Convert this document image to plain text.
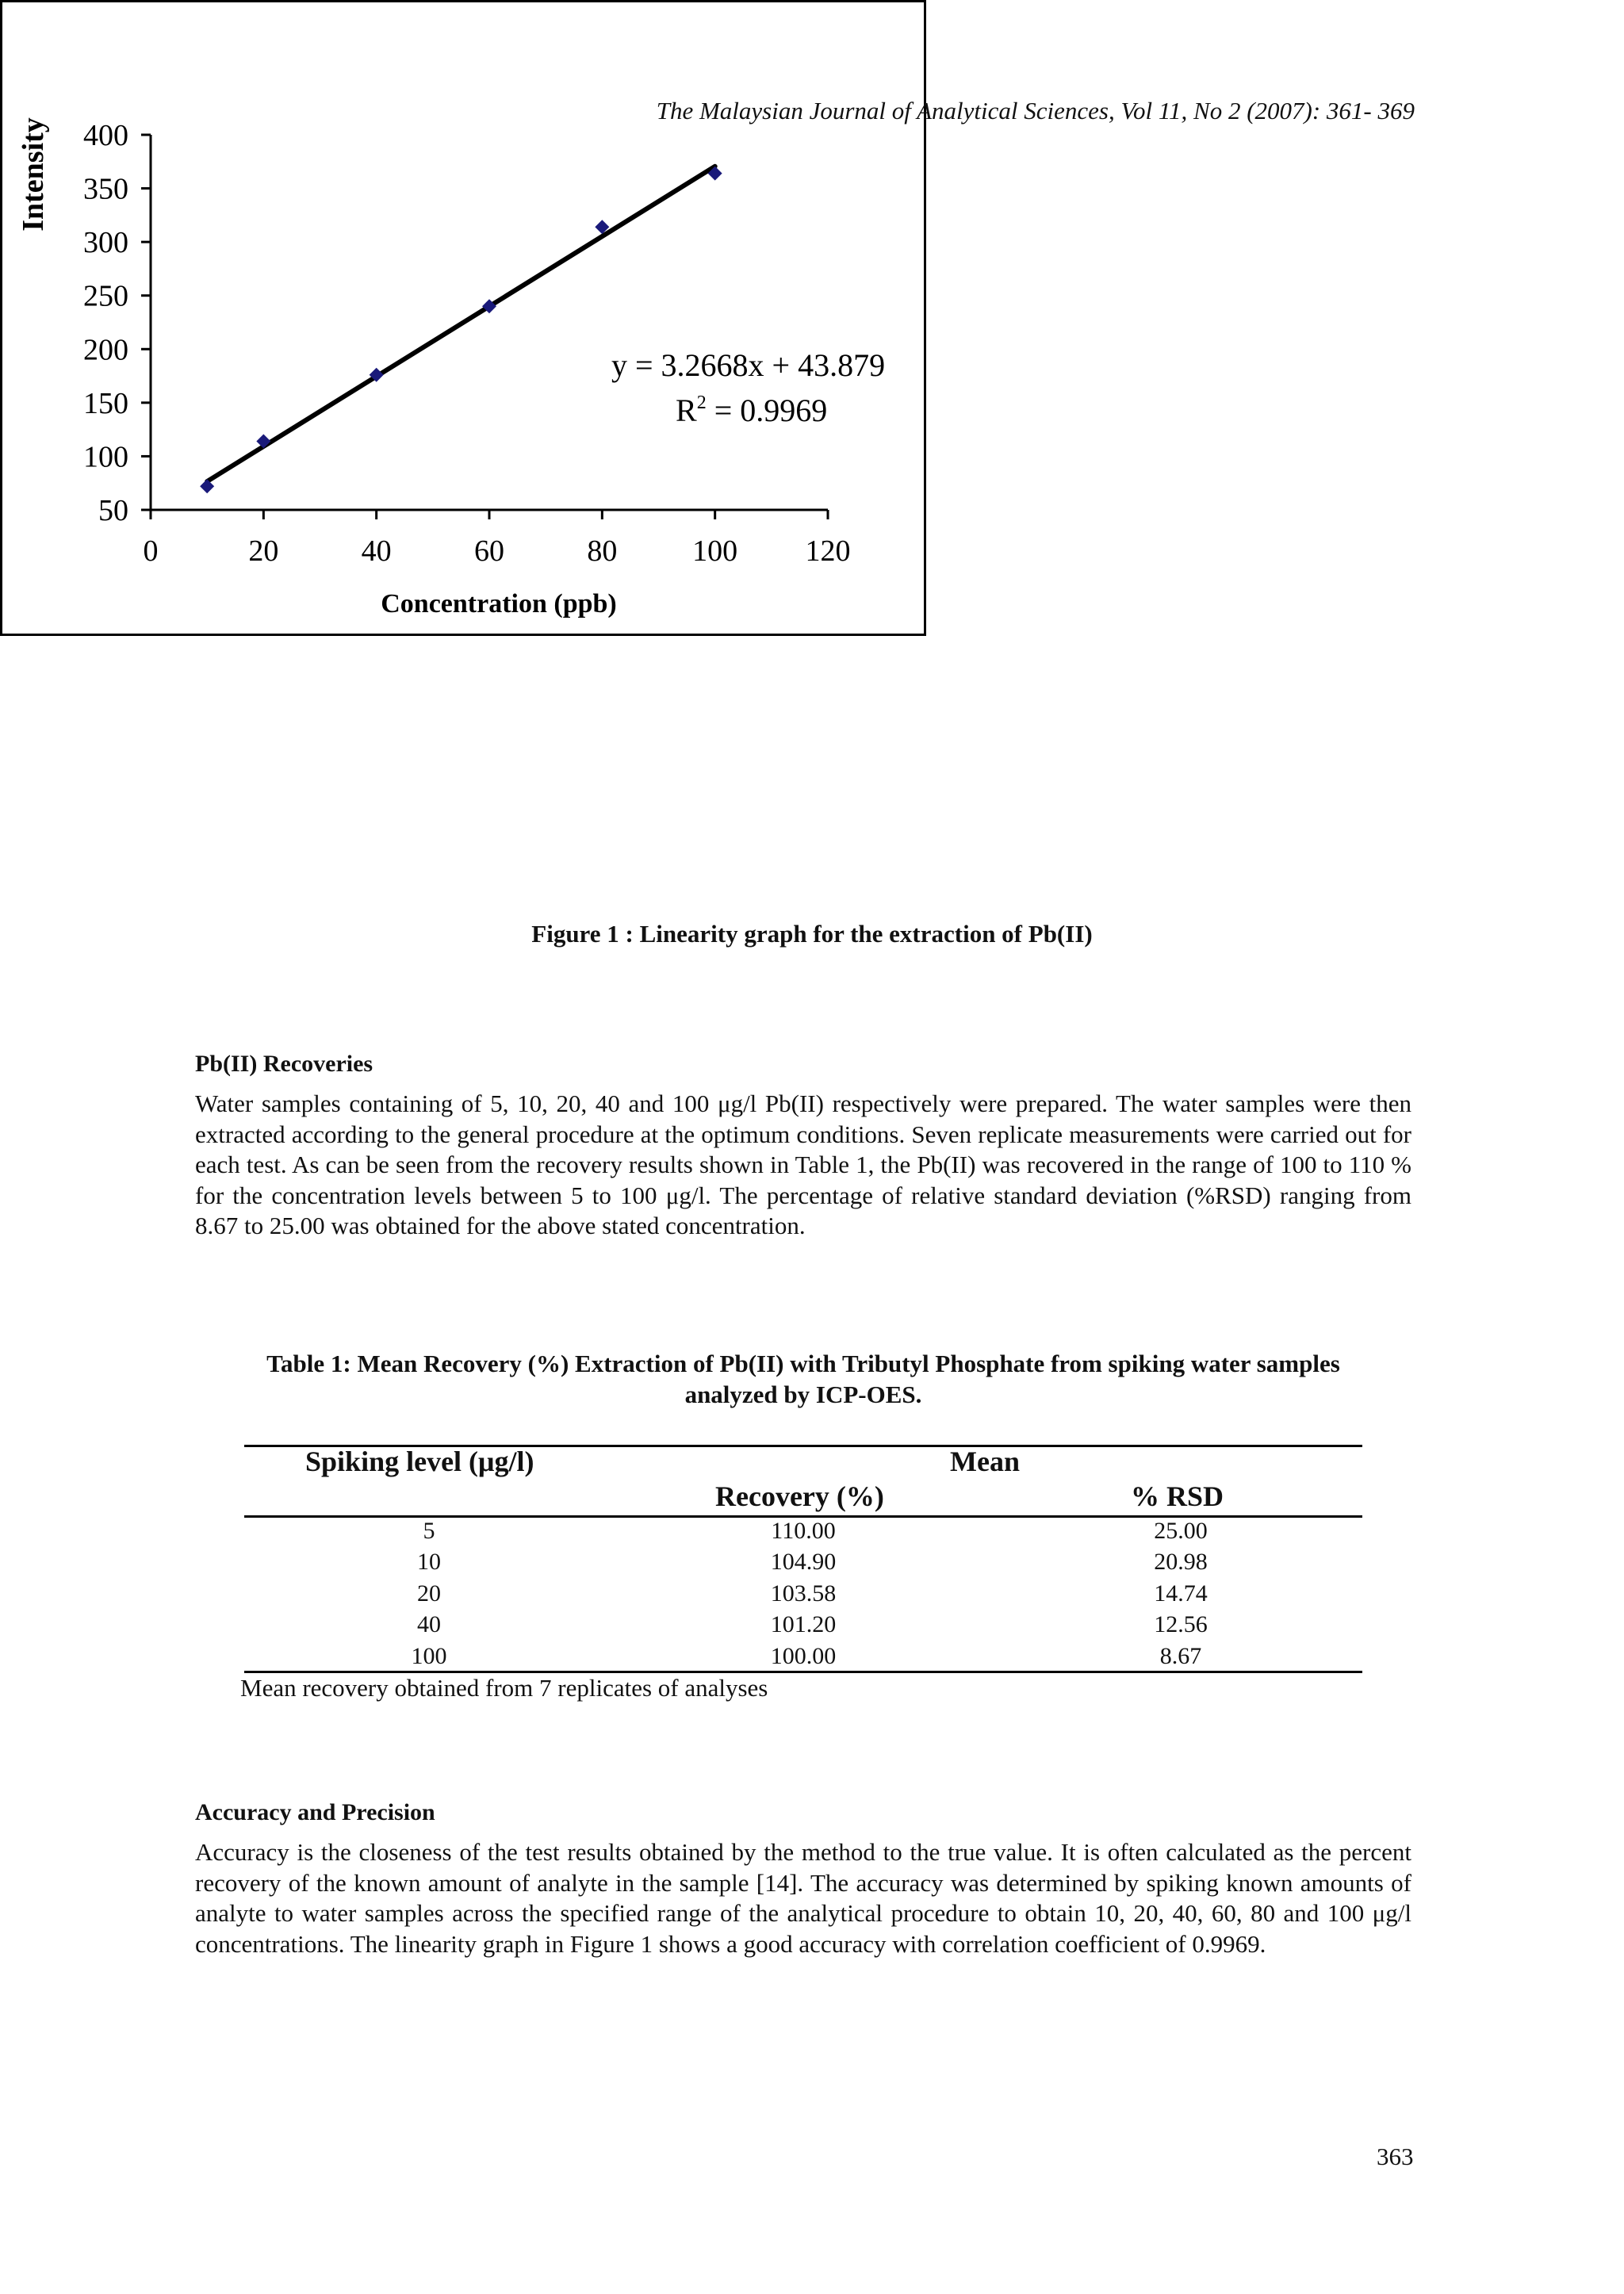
The Malaysian Journal of Analytical Sciences, Vol 11, No 2 (2007): 361- 369
400
350
300
250
200
150
100
50
0	20	40	60	80 100 120
Intensity
Concentration (ppb)
y = 3.2668x + 43.879
$R^2 = 0.9969$
Figure 1 : Linearity graph for the extraction of Pb(II)
Pb(II) Recoveries

Water samples containing of 5, 10, 20, 40 and 100 μg/l Pb(II) respectively were prepared. The water samples were then extracted according to the general procedure at the optimum conditions. Seven replicate measurements were carried out for each test. As can be seen from the recovery results shown in Table 1, the Pb(II) was recovered in the range of 100 to 110 % for the concentration levels between 5 to 100 μg/l. The percentage of relative standard deviation (%RSD) ranging from 8.67 to 25.00 was obtained for the above stated concentration.

Table 1: Mean Recovery (%) Extraction of Pb(II) with Tributyl Phosphate from spiking water samples
analyzed by ICP-OES.
Spiking level (μg/l)	Mean
Recovery (%)	% RSD
5	110.00	25.00
10	104.90	20.98
20	103.58	14.74
40	101.20	12.56
100	100.00	8.67
Mean recovery obtained from 7 replicates of analyses
Accuracy and Precision

Accuracy is the closeness of the test results obtained by the method to the true value. It is often calculated as the percent recovery of the known amount of analyte in the sample [14]. The accuracy was determined by spiking known amounts of analyte to water samples across the specified range of the analytical procedure to obtain 10, 20, 40, 60, 80 and 100 μg/l concentrations. The linearity graph in Figure 1 shows a good accuracy with correlation coefficient of 0.9969.

363
